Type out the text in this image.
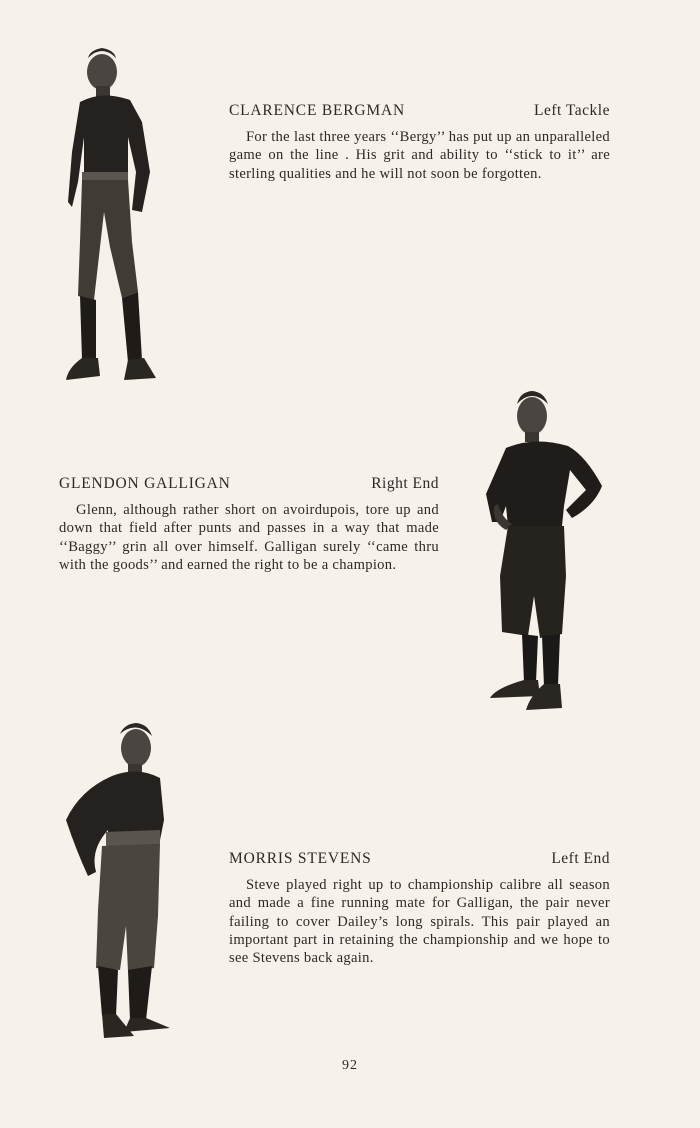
CLARENCE BERGMAN	Left Tackle

For the last three years ‘‘Bergy’’ has put up an unparalleled game on the line . His grit and ability to ‘‘stick to it’’ are sterling qualities and he will not soon be forgotten.

GLENDON GALLIGAN	Right End

Glenn, although rather short on avoirdupois, tore up and down that field after punts and passes in a way that made ‘‘Baggy’’ grin all over himself. Galligan surely ‘‘came thru with the goods’’ and earned the right to be a champion.

MORRIS STEVENS	Left End

Steve played right up to championship calibre all season and made a fine running mate for Galligan, the pair never failing to cover Dailey’s long spirals. This pair played an important part in retaining the championship and we hope to see Stevens back again.

92
